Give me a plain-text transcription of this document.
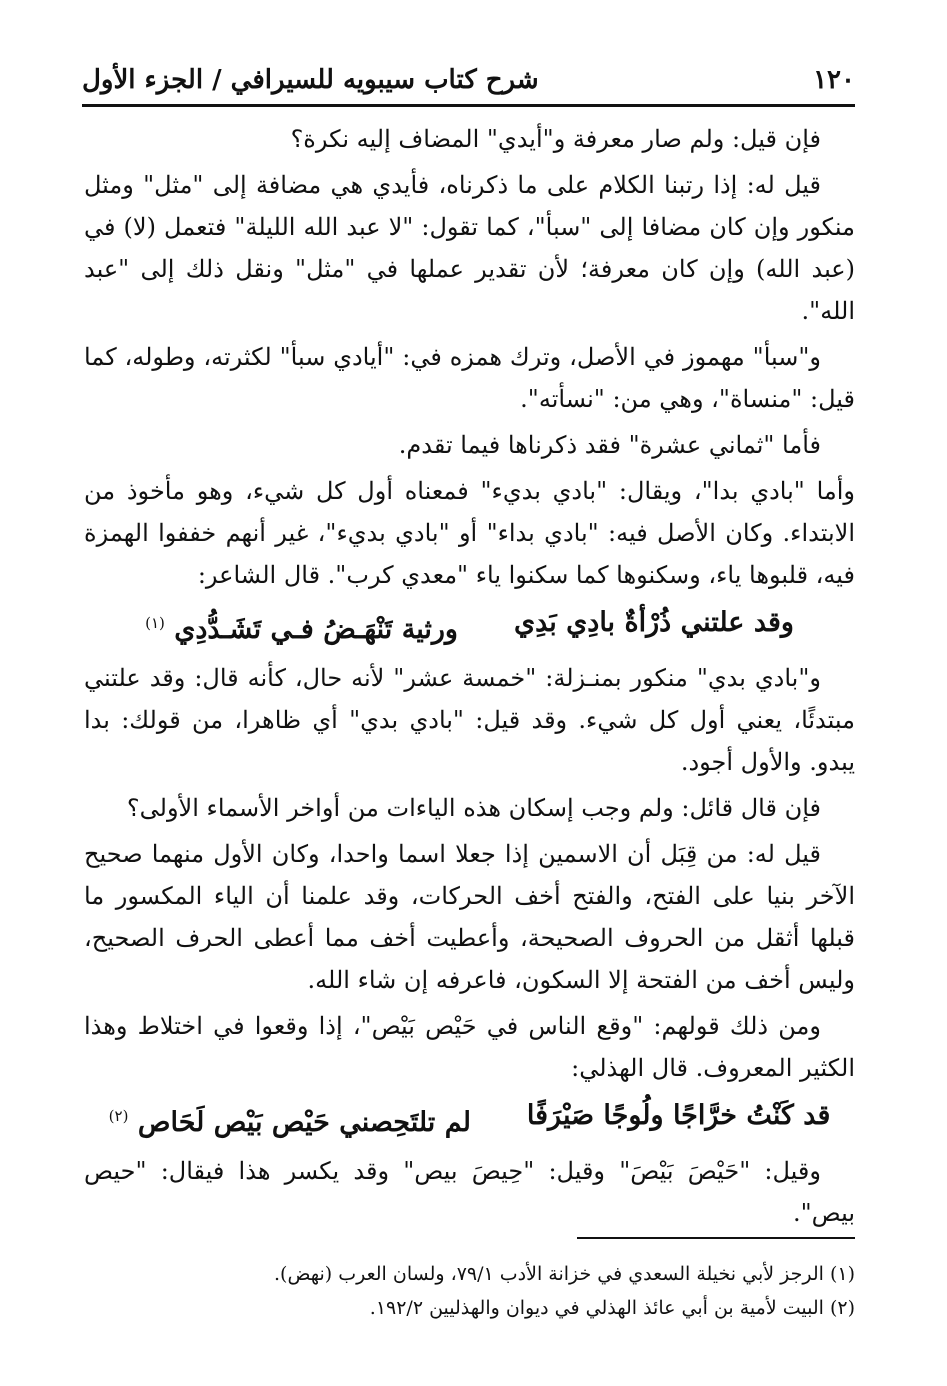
١٢٠
شرح كتاب سيبويه للسيرافي / الجزء الأول

فإن قيل: ولم صار معرفة و"أيدي" المضاف إليه نكرة؟

قيل له: إذا رتبنا الكلام على ما ذكرناه، فأيدي هي مضافة إلى "مثل" ومثل منكور وإن كان مضافا إلى "سبأ"، كما تقول: "لا عبد الله الليلة" فتعمل (لا) في (عبد الله) وإن كان معرفة؛ لأن تقدير عملها في "مثل" ونقل ذلك إلى "عبد الله".

و"سبأ" مهموز في الأصل، وترك همزه في: "أيادي سبأ" لكثرته، وطوله، كما قيل: "منساة"، وهي من: "نسأته".

فأما "ثماني عشرة" فقد ذكرناها فيما تقدم.

وأما "بادي بدا"، ويقال: "بادي بديء" فمعناه أول كل شيء، وهو مأخوذ من الابتداء. وكان الأصل فيه: "بادي بداء" أو "بادي بديء"، غير أنهم خففوا الهمزة فيه، قلبوها ياء، وسكنوها كما سكنوا ياء "معدي كرب". قال الشاعر:

وقد علتني ذُرْأةٌ بادِي بَدِي
ورثية تَنْهَـضُ فـي تَشَـدُّدِي $^{(١)}$

و"بادي بدي" منكور بمنـزلة: "خمسة عشر" لأنه حال، كأنه قال: وقد علتني مبتدئًا، يعني أول كل شيء. وقد قيل: "بادي بدي" أي ظاهرا، من قولك: بدا يبدو. والأول أجود.

فإن قال قائل: ولم وجب إسكان هذه الياءات من أواخر الأسماء الأولى؟

قيل له: من قِبَل أن الاسمين إذا جعلا اسما واحدا، وكان الأول منهما صحيح الآخر بنيا على الفتح، والفتح أخف الحركات، وقد علمنا أن الياء المكسور ما قبلها أثقل من الحروف الصحيحة، وأعطيت أخف مما أعطى الحرف الصحيح، وليس أخف من الفتحة إلا السكون، فاعرفه إن شاء الله.

ومن ذلك قولهم: "وقع الناس في حَيْص بَيْص"، إذا وقعوا في اختلاط وهذا الكثير المعروف. قال الهذلي:

قد كَنْتُ خرَّاجًا ولُوجًا صَيْرَفًا
لم تلتَحِصني حَيْص بَيْص لَحَاص $^{(٢)}$

وقيل: "حَيْصَ بَيْصَ" وقيل: "حِيصَ بيص" وقد يكسر هذا فيقال: "حيص بيص".

(١) الرجز لأبي نخيلة السعدي في خزانة الأدب ٧٩/١، ولسان العرب (نهض).
(٢) البيت لأمية بن أبي عائذ الهذلي في ديوان والهذليين ١٩٢/٢.
